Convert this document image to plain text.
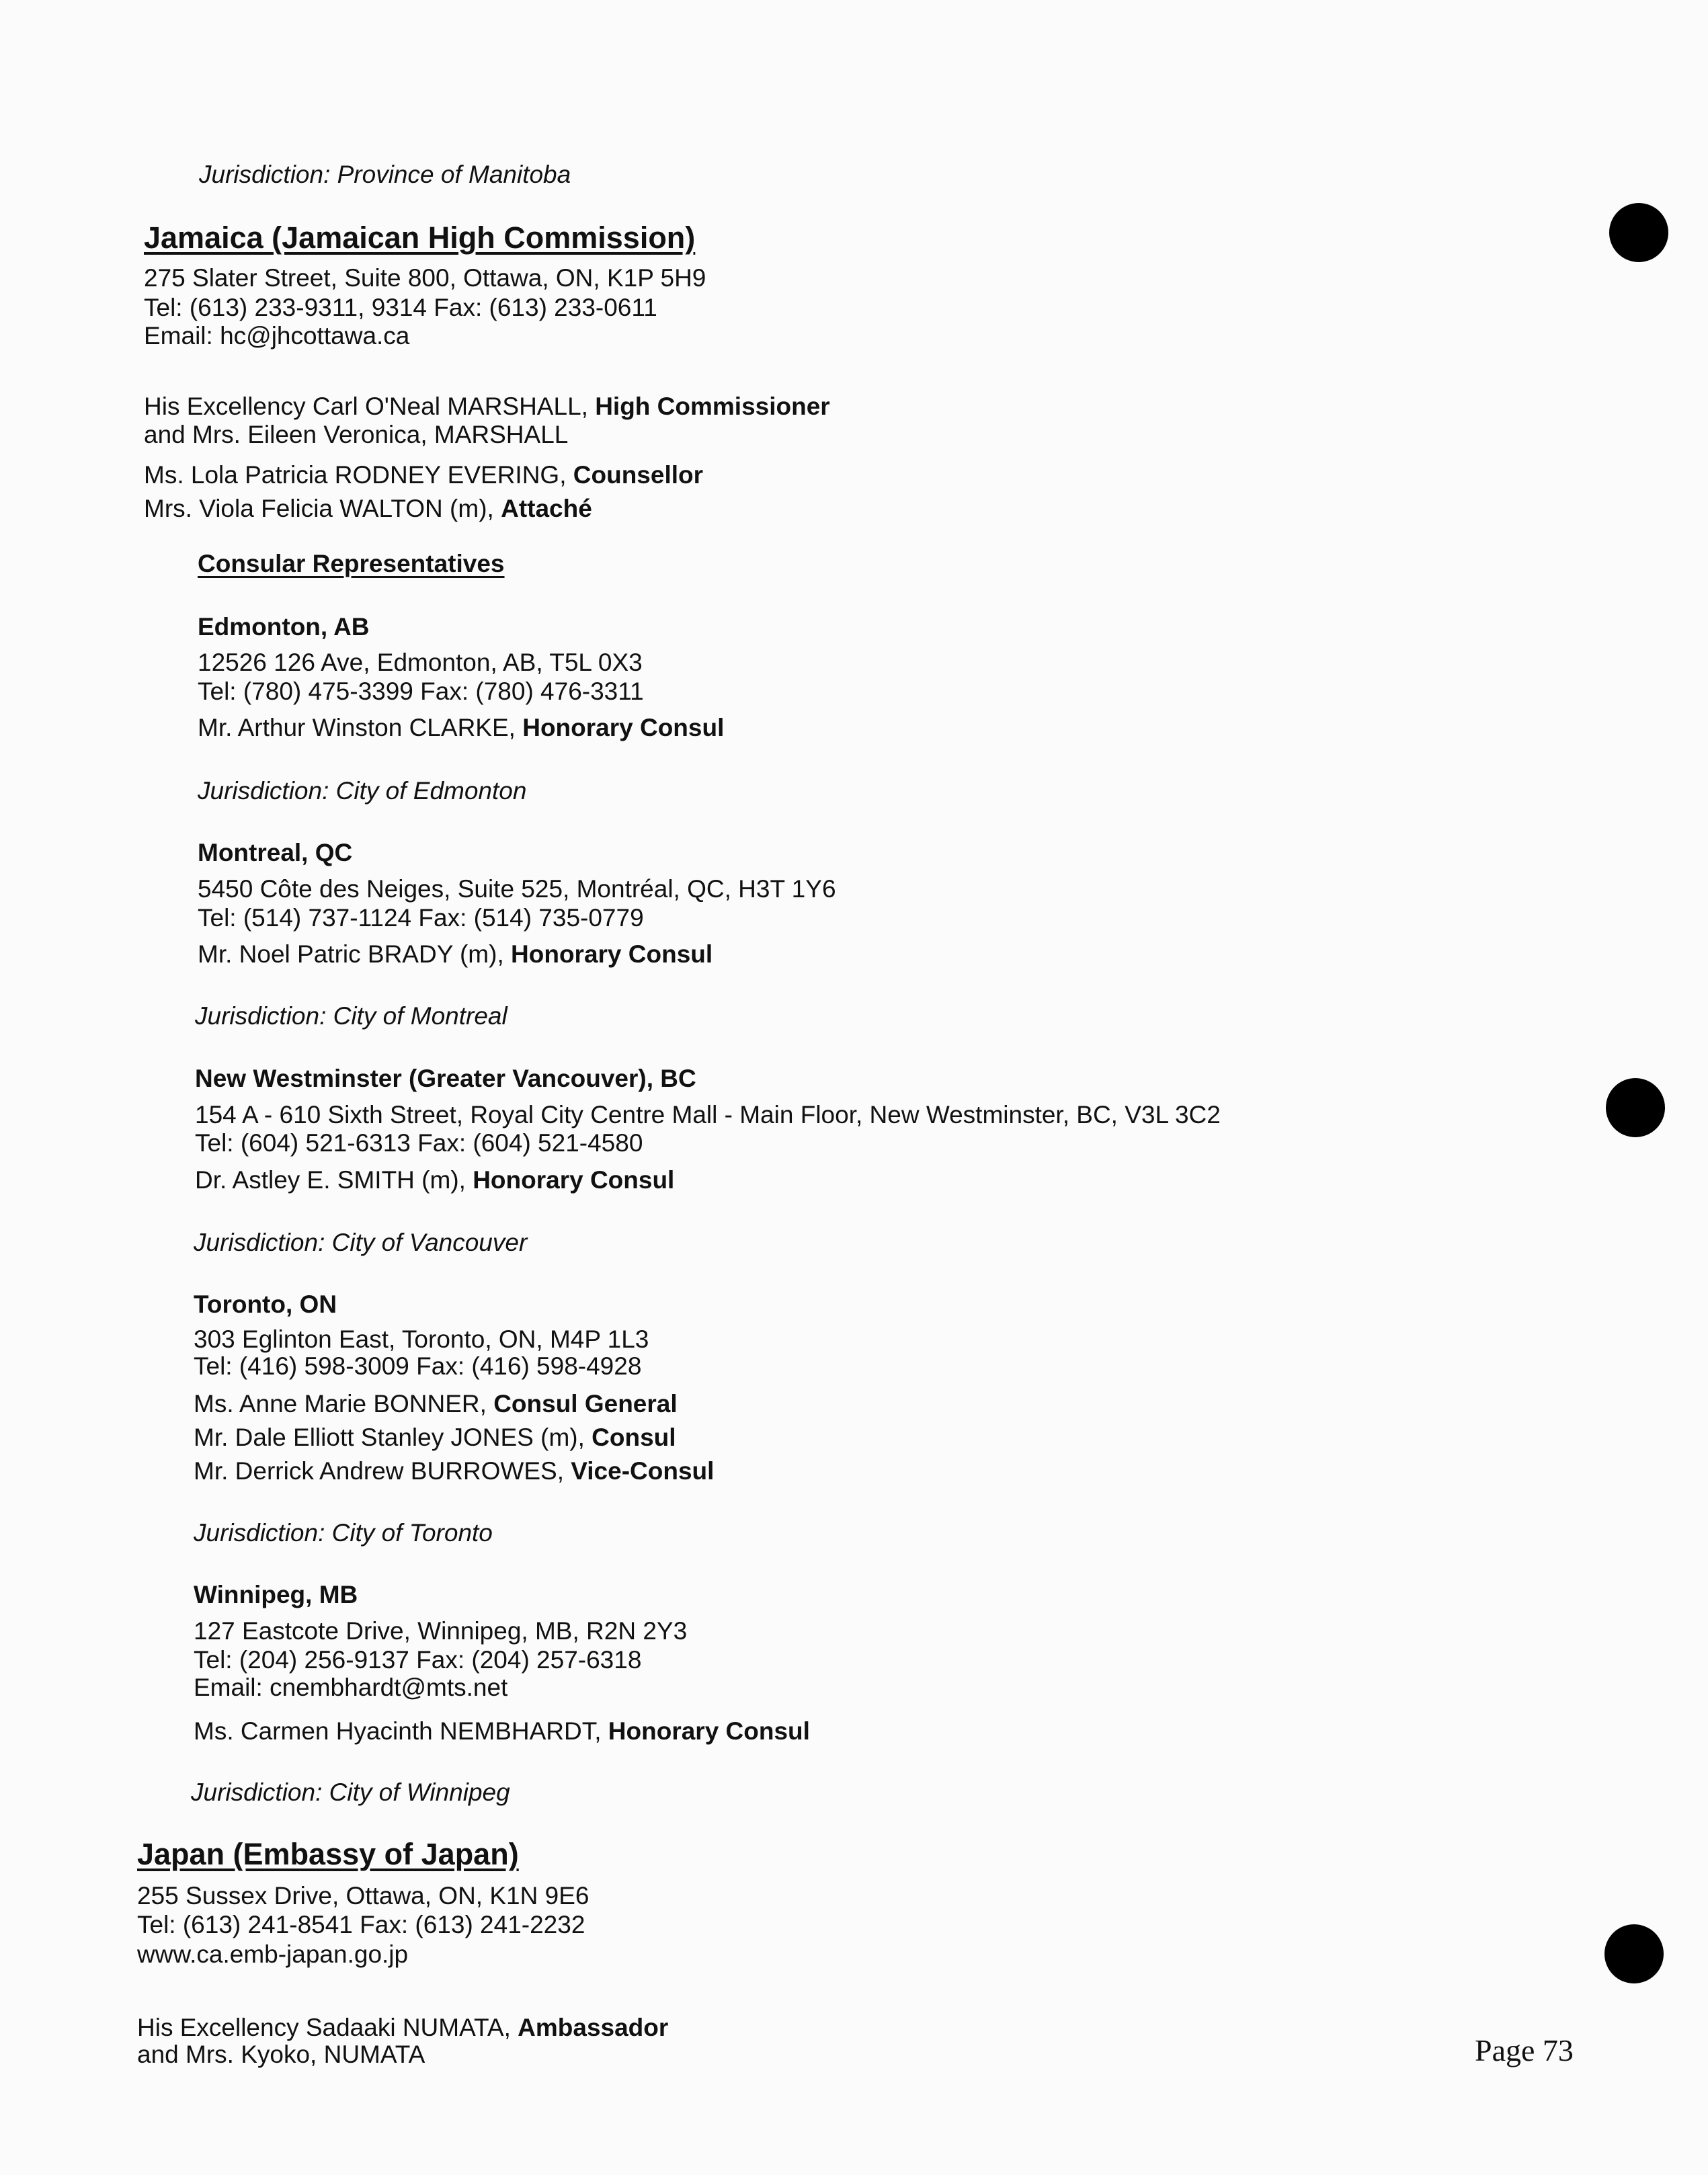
Jurisdiction: Province of Manitoba
Jamaica (Jamaican High Commission)
275 Slater Street, Suite 800, Ottawa, ON, K1P 5H9
Tel: (613) 233-9311, 9314 Fax: (613) 233-0611
Email: hc@jhcottawa.ca
His Excellency Carl O'Neal MARSHALL, High Commissioner
and Mrs. Eileen Veronica, MARSHALL
Ms. Lola Patricia RODNEY EVERING, Counsellor
Mrs. Viola Felicia WALTON (m), Attaché
Consular Representatives
Edmonton, AB
12526 126 Ave, Edmonton, AB, T5L 0X3
Tel: (780) 475-3399 Fax: (780) 476-3311
Mr. Arthur Winston CLARKE, Honorary Consul
Jurisdiction: City of Edmonton
Montreal, QC
5450 Côte des Neiges, Suite 525, Montréal, QC, H3T 1Y6
Tel: (514) 737-1124 Fax: (514) 735-0779
Mr. Noel Patric BRADY (m), Honorary Consul
Jurisdiction: City of Montreal
New Westminster (Greater Vancouver), BC
154 A - 610 Sixth Street, Royal City Centre Mall - Main Floor, New Westminster, BC, V3L 3C2
Tel: (604) 521-6313 Fax: (604) 521-4580
Dr. Astley E. SMITH (m), Honorary Consul
Jurisdiction: City of Vancouver
Toronto, ON
303 Eglinton East, Toronto, ON, M4P 1L3
Tel: (416) 598-3009 Fax: (416) 598-4928
Ms. Anne Marie BONNER, Consul General
Mr. Dale Elliott Stanley JONES (m), Consul
Mr. Derrick Andrew BURROWES, Vice-Consul
Jurisdiction: City of Toronto
Winnipeg, MB
127 Eastcote Drive, Winnipeg, MB, R2N 2Y3
Tel: (204) 256-9137 Fax: (204) 257-6318
Email: cnembhardt@mts.net
Ms. Carmen Hyacinth NEMBHARDT, Honorary Consul
Jurisdiction: City of Winnipeg
Japan (Embassy of Japan)
255 Sussex Drive, Ottawa, ON, K1N 9E6
Tel: (613) 241-8541 Fax: (613) 241-2232
www.ca.emb-japan.go.jp
His Excellency Sadaaki NUMATA, Ambassador
and Mrs. Kyoko, NUMATA	Page 73
